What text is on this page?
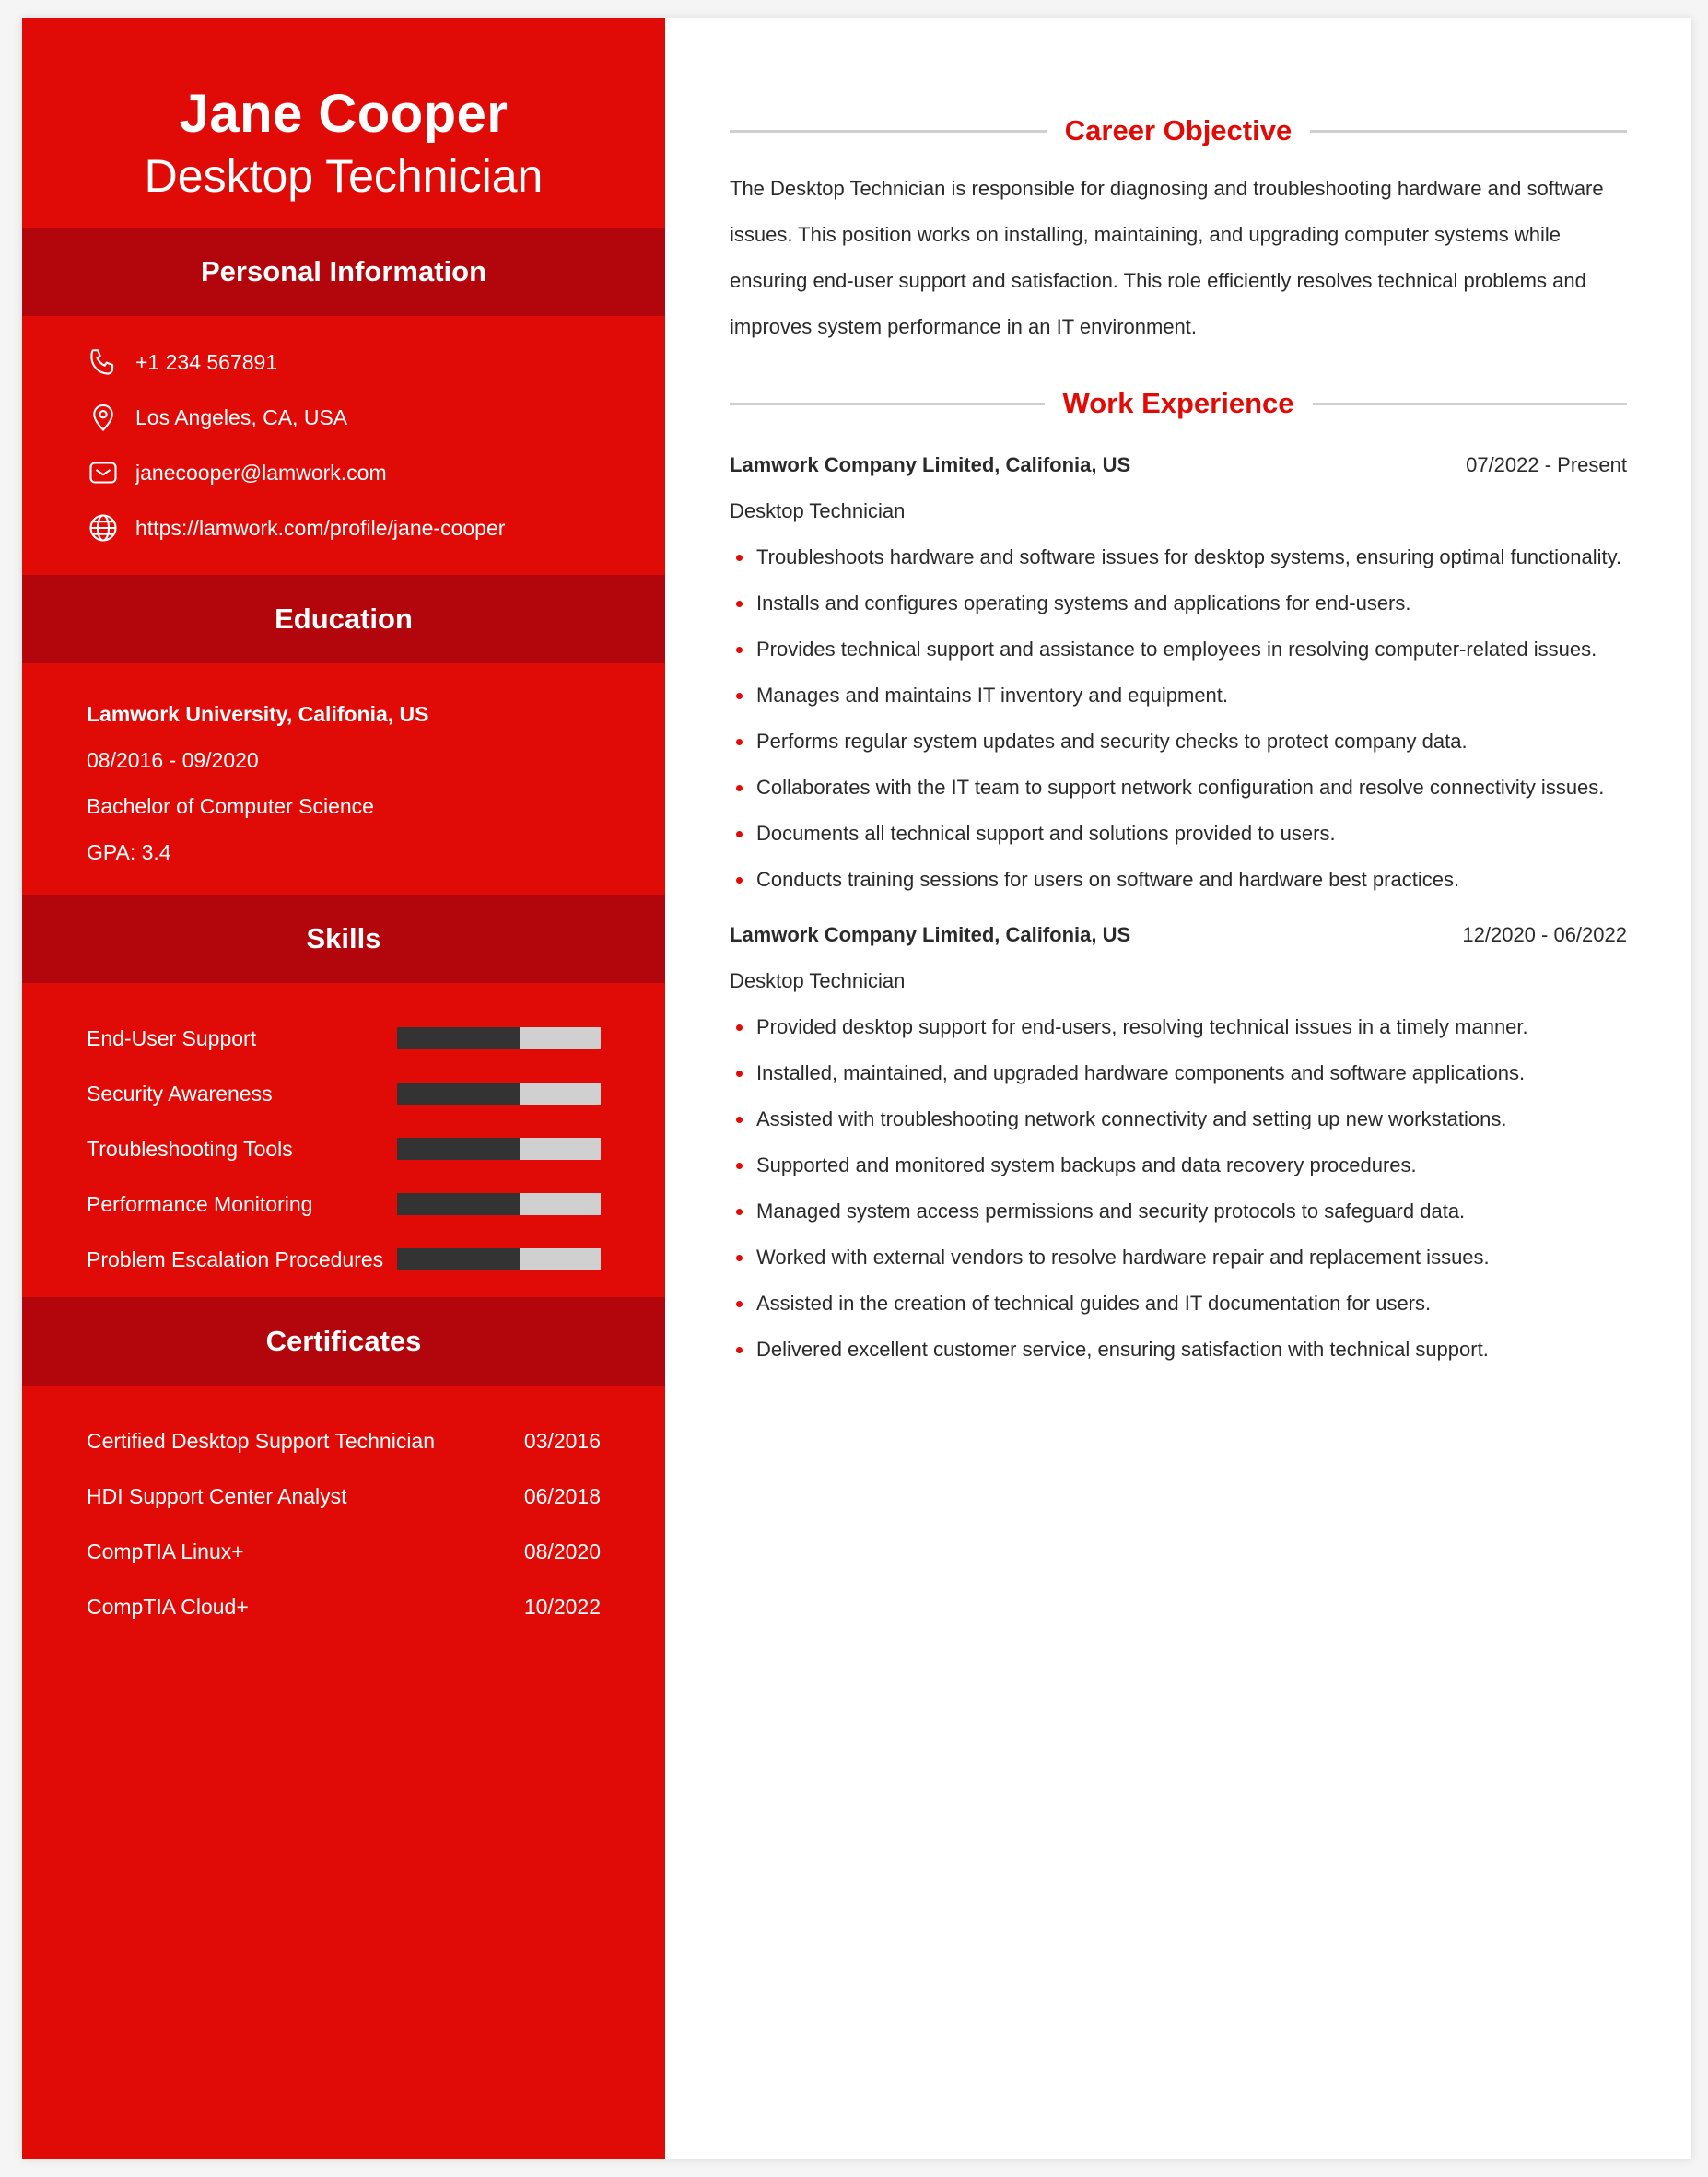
Jane Cooper
Desktop Technician
Personal Information
+1 234 567891
Los Angeles, CA, USA
janecooper@lamwork.com
https://lamwork.com/profile/jane-cooper
Education
Lamwork University, Califonia, US
08/2016 - 09/2020
Bachelor of Computer Science
GPA: 3.4
Skills
End-User Support
Security Awareness
Troubleshooting Tools
Performance Monitoring
Problem Escalation Procedures
Certificates
Certified Desktop Support Technician	03/2016
HDI Support Center Analyst	06/2018
CompTIA Linux+	08/2020
CompTIA Cloud+	10/2022
Career Objective

The Desktop Technician is responsible for diagnosing and troubleshooting hardware and software issues. This position works on installing, maintaining, and upgrading computer systems while ensuring end-user support and satisfaction. This role efficiently resolves technical problems and improves system performance in an IT environment.

Work Experience
Lamwork Company Limited, Califonia, US	07/2022 - Present
Desktop Technician
Troubleshoots hardware and software issues for desktop systems, ensuring optimal functionality.
Installs and configures operating systems and applications for end-users.
Provides technical support and assistance to employees in resolving computer-related issues.
Manages and maintains IT inventory and equipment.
Performs regular system updates and security checks to protect company data.
Collaborates with the IT team to support network configuration and resolve connectivity issues.
Documents all technical support and solutions provided to users.
Conducts training sessions for users on software and hardware best practices.
Lamwork Company Limited, Califonia, US	12/2020 - 06/2022
Desktop Technician
Provided desktop support for end-users, resolving technical issues in a timely manner.
Installed, maintained, and upgraded hardware components and software applications.
Assisted with troubleshooting network connectivity and setting up new workstations.
Supported and monitored system backups and data recovery procedures.
Managed system access permissions and security protocols to safeguard data.
Worked with external vendors to resolve hardware repair and replacement issues.
Assisted in the creation of technical guides and IT documentation for users.
Delivered excellent customer service, ensuring satisfaction with technical support.
